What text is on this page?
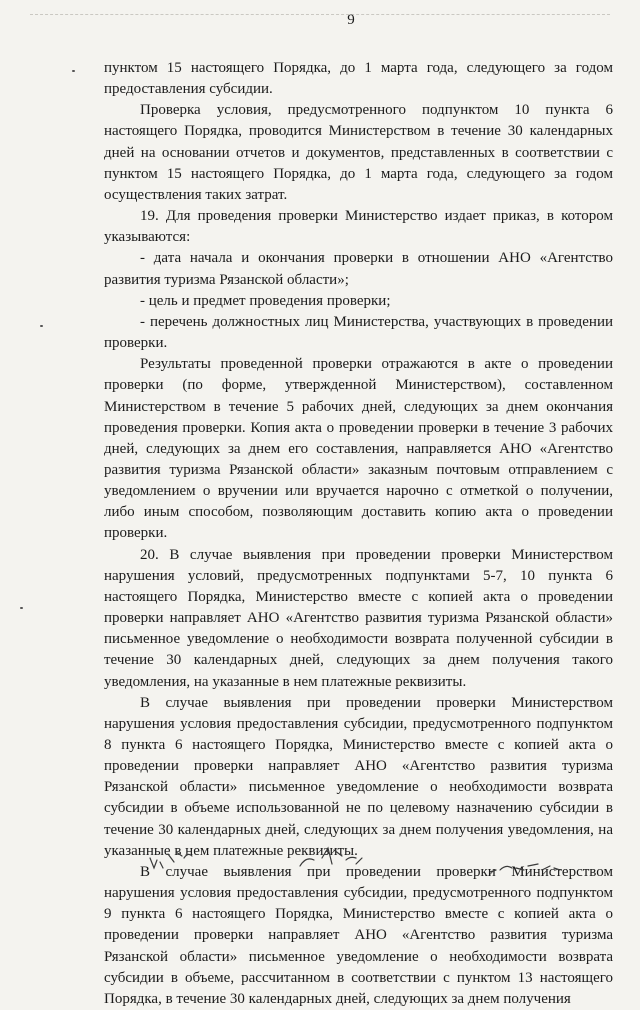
9

пунктом 15 настоящего Порядка, до 1 марта года, следующего за годом предоставления субсидии.

Проверка условия, предусмотренного подпунктом 10 пункта 6 настоящего Порядка, проводится Министерством в течение 30 календарных дней на основании отчетов и документов, представленных в соответствии с пунктом 15 настоящего Порядка, до 1 марта года, следующего за годом осуществления таких затрат.

19. Для проведения проверки Министерство издает приказ, в котором указываются:

- дата начала и окончания проверки в отношении АНО «Агентство развития туризма Рязанской области»;

- цель и предмет проведения проверки;

- перечень должностных лиц Министерства, участвующих в проведении проверки.

Результаты проведенной проверки отражаются в акте о проведении проверки (по форме, утвержденной Министерством), составленном Министерством в течение 5 рабочих дней, следующих за днем окончания проведения проверки. Копия акта о проведении проверки в течение 3 рабочих дней, следующих за днем его составления, направляется АНО «Агентство развития туризма Рязанской области» заказным почтовым отправлением с уведомлением о вручении или вручается нарочно с отметкой о получении, либо иным способом, позволяющим доставить копию акта о проведении проверки.

20. В случае выявления при проведении проверки Министерством нарушения условий, предусмотренных подпунктами 5-7, 10 пункта 6 настоящего Порядка, Министерство вместе с копией акта о проведении проверки направляет АНО «Агентство развития туризма Рязанской области» письменное уведомление о необходимости возврата полученной субсидии в течение 30 календарных дней, следующих за днем получения такого уведомления, на указанные в нем платежные реквизиты.

В случае выявления при проведении проверки Министерством нарушения условия предоставления субсидии, предусмотренного подпунктом 8 пункта 6 настоящего Порядка, Министерство вместе с копией акта о проведении проверки направляет АНО «Агентство развития туризма Рязанской области» письменное уведомление о необходимости возврата субсидии в объеме использованной не по целевому назначению субсидии в течение 30 календарных дней, следующих за днем получения уведомления, на указанные в нем платежные реквизиты.

В случае выявления при проведении проверки Министерством нарушения условия предоставления субсидии, предусмотренного подпунктом 9 пункта 6 настоящего Порядка, Министерство вместе с копией акта о проведении проверки направляет АНО «Агентство развития туризма Рязанской области» письменное уведомление о необходимости возврата субсидии в объеме, рассчитанном в соответствии с пунктом 13 настоящего Порядка, в течение 30 календарных дней, следующих за днем получения
